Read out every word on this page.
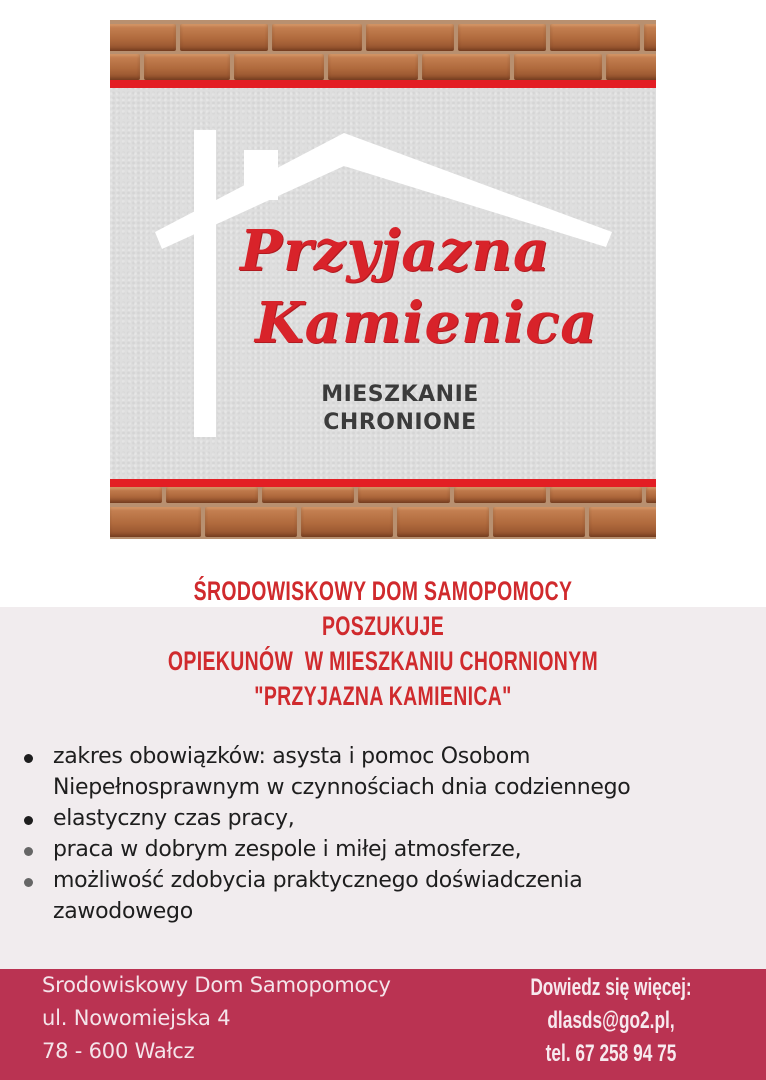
Przyjazna
Kamienica
MIESZKANIE
CHRONIONE
ŚRODOWISKOWY DOM SAMOPOMOCY
POSZUKUJE
OPIEKUNÓW  W MIESZKANIU CHORNIONYM
"PRZYJAZNA KAMIENICA"
zakres obowiązków: asysta i pomoc Osobom
Niepełnosprawnym w czynnościach dnia codziennego
elastyczny czas pracy,
praca w dobrym zespole i miłej atmosferze,
możliwość zdobycia praktycznego doświadczenia
zawodowego
Srodowiskowy Dom Samopomocy
ul. Nowomiejska 4
78 - 600 Wałcz
Dowiedz się więcej:
dlasds@go2.pl,
tel. 67 258 94 75
